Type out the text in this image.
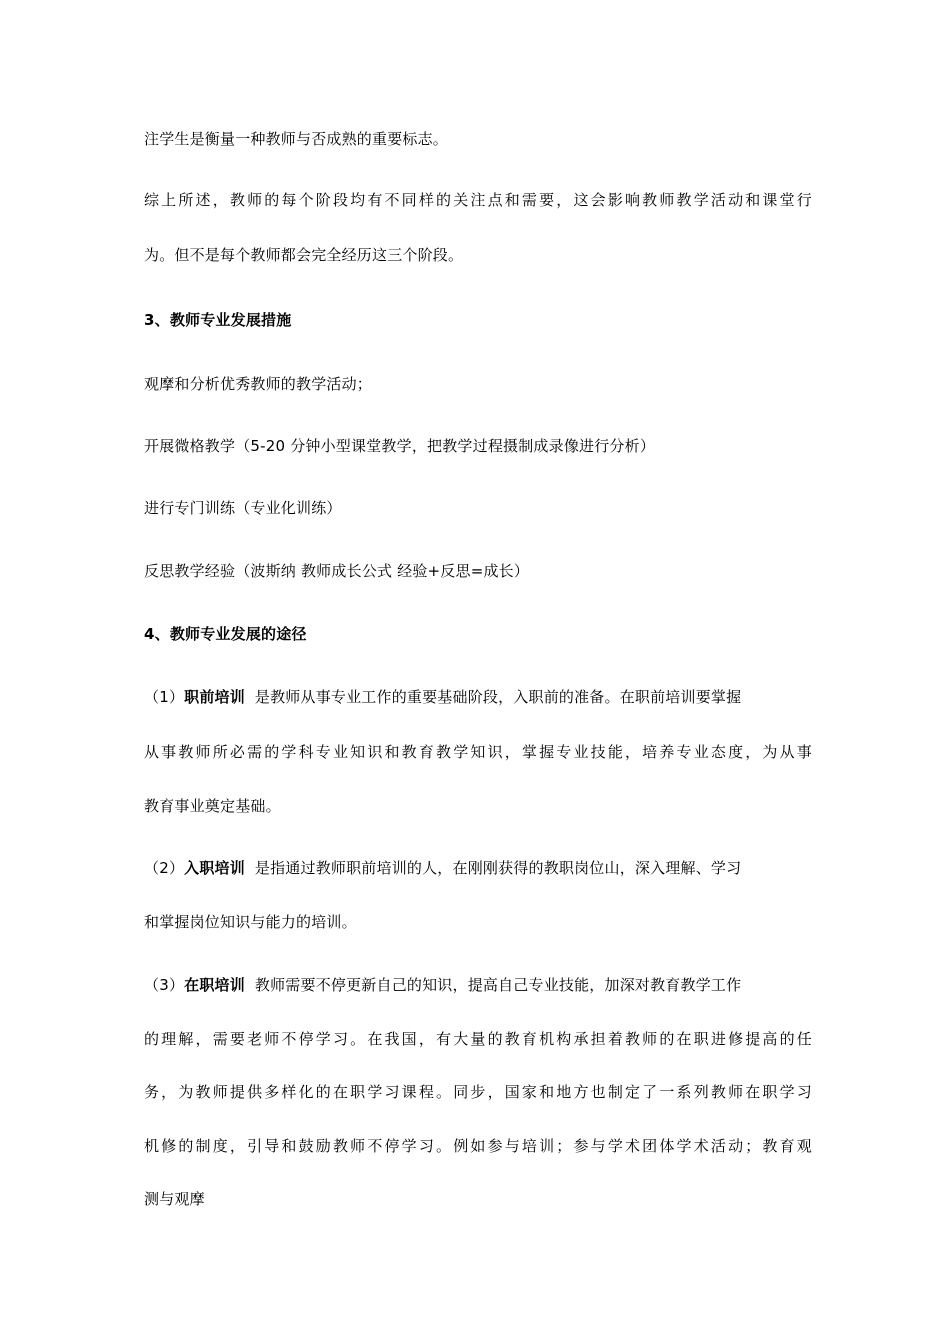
注学生是衡量一种教师与否成熟的重要标志。
综上所述，教师的每个阶段均有不同样的关注点和需要，这会影响教师教学活动和课堂行
为。但不是每个教师都会完全经历这三个阶段。
3、教师专业发展措施
观摩和分析优秀教师的教学活动；
开展微格教学（5-20 分钟小型课堂教学，把教学过程摄制成录像进行分析）
进行专门训练（专业化训练）
反思教学经验（波斯纳 教师成长公式 经验+反思=成长）
4、教师专业发展的途径
（1）职前培训 是教师从事专业工作的重要基础阶段，入职前的准备。在职前培训要掌握
从事教师所必需的学科专业知识和教育教学知识，掌握专业技能，培养专业态度，为从事
教育事业奠定基础。
（2）入职培训 是指通过教师职前培训的人，在刚刚获得的教职岗位山，深入理解、学习
和掌握岗位知识与能力的培训。
（3）在职培训 教师需要不停更新自己的知识，提高自己专业技能，加深对教育教学工作
的理解，需要老师不停学习。在我国，有大量的教育机构承担着教师的在职进修提高的任
务，为教师提供多样化的在职学习课程。同步，国家和地方也制定了一系列教师在职学习
机修的制度，引导和鼓励教师不停学习。例如参与培训；参与学术团体学术活动；教育观
测与观摩
